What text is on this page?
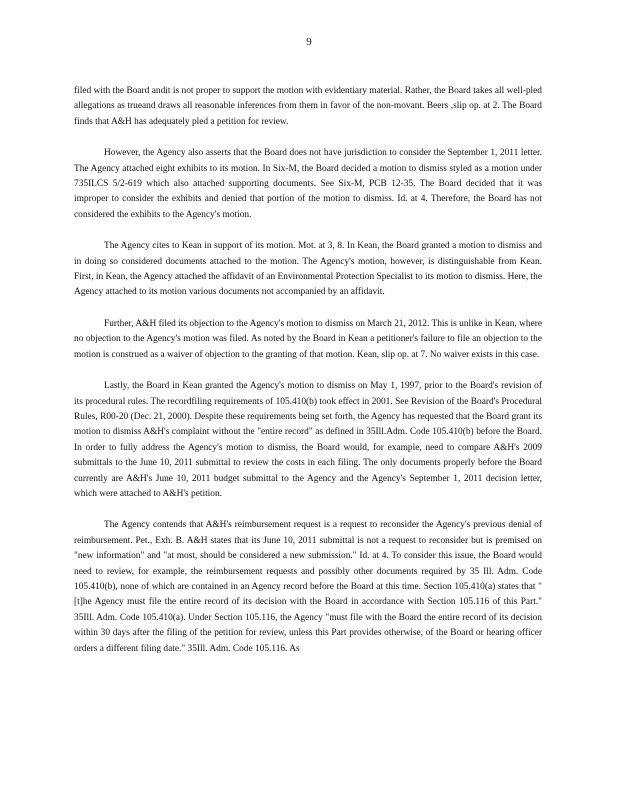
9

filed with the Board andit is not proper to support the motion with evidentiary material. Rather, the Board takes all well-pled allegations as trueand draws all reasonable inferences from them in favor of the non-movant. Beers ,slip op. at 2. The Board finds that A&H has adequately pled a petition for review.

However, the Agency also asserts that the Board does not have jurisdiction to consider the September 1, 2011 letter. The Agency attached eight exhibits to its motion. In Six-M, the Board decided a motion to dismiss styled as a motion under 735ILCS 5/2-619 which also attached supporting documents. See Six-M, PCB 12-35. The Board decided that it was improper to consider the exhibits and denied that portion of the motion to dismiss. Id. at 4. Therefore, the Board has not considered the exhibits to the Agency's motion.

The Agency cites to Kean in support of its motion. Mot. at 3, 8. In Kean, the Board granted a motion to dismiss and in doing so considered documents attached to the motion. The Agency's motion, however, is distinguishable from Kean. First, in Kean, the Agency attached the affidavit of an Environmental Protection Specialist to its motion to dismiss. Here, the Agency attached to its motion various documents not accompanied by an affidavit.

Further, A&H filed its objection to the Agency's motion to dismiss on March 21, 2012. This is unlike in Kean, where no objection to the Agency's motion was filed. As noted by the Board in Kean a petitioner's failure to file an objection to the motion is construed as a waiver of objection to the granting of that motion. Kean, slip op. at 7. No waiver exists in this case.

Lastly, the Board in Kean granted the Agency's motion to dismiss on May 1, 1997, prior to the Board's revision of its procedural rules. The recordfiling requirements of 105.410(b) took effect in 2001. See Revision of the Board's Procedural Rules, R00-20 (Dec. 21, 2000). Despite these requirements being set forth, the Agency has requested that the Board grant its motion to dismiss A&H's complaint without the "entire record" as defined in 35Ill.Adm. Code 105.410(b) before the Board. In order to fully address the Agency's motion to dismiss, the Board would, for example, need to compare A&H's 2009 submittals to the June 10, 2011 submittal to review the costs in each filing. The only documents properly before the Board currently are A&H's June 10, 2011 budget submittal to the Agency and the Agency's September 1, 2011 decision letter, which were attached to A&H's petition.

The Agency contends that A&H's reimbursement request is a request to reconsider the Agency's previous denial of reimbursement. Pet., Exh. B. A&H states that its June 10, 2011 submittal is not a request to reconsider but is premised on "new information" and "at most, should be considered a new submission." Id. at 4. To consider this issue, the Board would need to review, for example, the reimbursement requests and possibly other documents required by 35 Ill. Adm. Code 105.410(b), none of which are contained in an Agency record before the Board at this time. Section 105.410(a) states that "[t]he Agency must file the entire record of its decision with the Board in accordance with Section 105.116 of this Part." 35Ill. Adm. Code 105.410(a). Under Section 105.116, the Agency "must file with the Board the entire record of its decision within 30 days after the filing of the petition for review, unless this Part provides otherwise, of the Board or hearing officer orders a different filing date." 35Ill. Adm. Code 105.116. As
